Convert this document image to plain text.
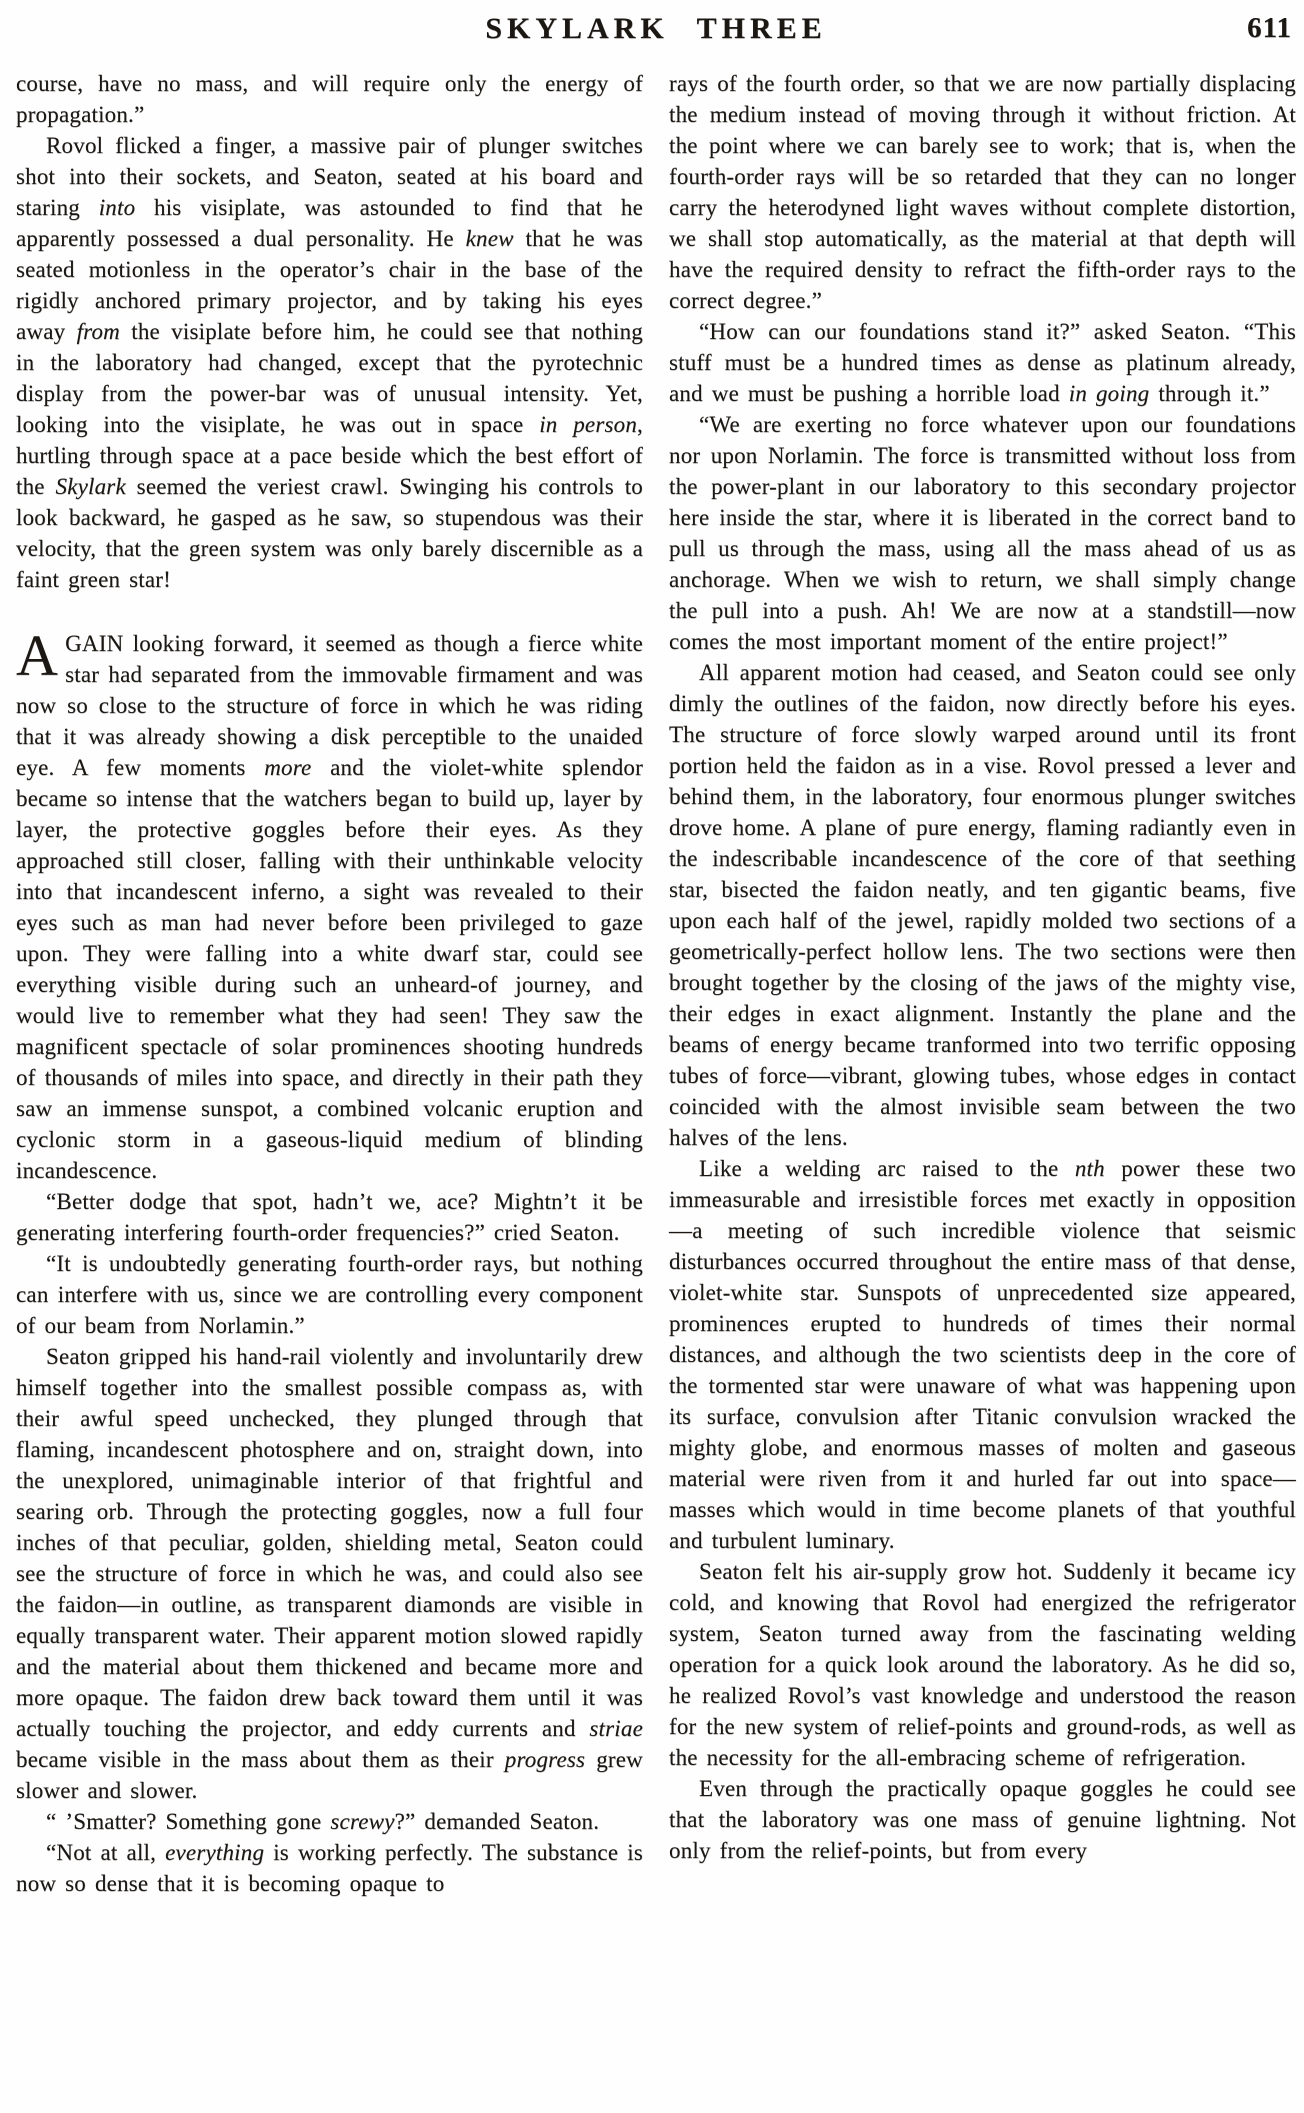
SKYLARK THREE	611

course, have no mass, and will require only the energy of propagation.”

Rovol flicked a finger, a massive pair of plunger switches shot into their sockets, and Seaton, seated at his board and staring into his visiplate, was astounded to find that he apparently possessed a dual personality. He knew that he was seated motionless in the operator’s chair in the base of the rigidly anchored primary projector, and by taking his eyes away from the visiplate before him, he could see that nothing in the laboratory had changed, except that the pyrotechnic display from the power-bar was of unusual intensity. Yet, looking into the visiplate, he was out in space in person, hurtling through space at a pace beside which the best effort of the Skylark seemed the veriest crawl. Swinging his controls to look backward, he gasped as he saw, so stupendous was their velocity, that the green system was only barely discernible as a faint green star!

AGAIN looking forward, it seemed as though a fierce white star had separated from the immovable firmament and was now so close to the structure of force in which he was riding that it was already showing a disk perceptible to the unaided eye. A few moments more and the violet-white splendor became so intense that the watchers began to build up, layer by layer, the protective goggles before their eyes. As they approached still closer, falling with their unthinkable velocity into that incandescent inferno, a sight was revealed to their eyes such as man had never before been privileged to gaze upon. They were falling into a white dwarf star, could see everything visible during such an unheard-of journey, and would live to remember what they had seen! They saw the magnificent spectacle of solar prominences shooting hundreds of thousands of miles into space, and directly in their path they saw an immense sunspot, a combined volcanic eruption and cyclonic storm in a gaseous-liquid medium of blinding incandescence.

“Better dodge that spot, hadn’t we, ace? Mightn’t it be generating interfering fourth-order frequencies?” cried Seaton.

“It is undoubtedly generating fourth-order rays, but nothing can interfere with us, since we are controlling every component of our beam from Norlamin.”

Seaton gripped his hand-rail violently and involuntarily drew himself together into the smallest possible compass as, with their awful speed unchecked, they plunged through that flaming, incandescent photosphere and on, straight down, into the unexplored, unimaginable interior of that frightful and searing orb. Through the protecting goggles, now a full four inches of that peculiar, golden, shielding metal, Seaton could see the structure of force in which he was, and could also see the faidon—in outline, as transparent diamonds are visible in equally transparent water. Their apparent motion slowed rapidly and the material about them thickened and became more and more opaque. The faidon drew back toward them until it was actually touching the projector, and eddy currents and striae became visible in the mass about them as their progress grew slower and slower.

“ ’Smatter? Something gone screwy?” demanded Seaton.

“Not at all, everything is working perfectly. The substance is now so dense that it is becoming opaque to

rays of the fourth order, so that we are now partially displacing the medium instead of moving through it without friction. At the point where we can barely see to work; that is, when the fourth-order rays will be so retarded that they can no longer carry the heterodyned light waves without complete distortion, we shall stop automatically, as the material at that depth will have the required density to refract the fifth-order rays to the correct degree.”

“How can our foundations stand it?” asked Seaton. “This stuff must be a hundred times as dense as platinum already, and we must be pushing a horrible load in going through it.”

“We are exerting no force whatever upon our foundations nor upon Norlamin. The force is transmitted without loss from the power-plant in our laboratory to this secondary projector here inside the star, where it is liberated in the correct band to pull us through the mass, using all the mass ahead of us as anchorage. When we wish to return, we shall simply change the pull into a push. Ah! We are now at a standstill—now comes the most important moment of the entire project!”

All apparent motion had ceased, and Seaton could see only dimly the outlines of the faidon, now directly before his eyes. The structure of force slowly warped around until its front portion held the faidon as in a vise. Rovol pressed a lever and behind them, in the laboratory, four enormous plunger switches drove home. A plane of pure energy, flaming radiantly even in the indescribable incandescence of the core of that seething star, bisected the faidon neatly, and ten gigantic beams, five upon each half of the jewel, rapidly molded two sections of a geometrically-perfect hollow lens. The two sections were then brought together by the closing of the jaws of the mighty vise, their edges in exact alignment. Instantly the plane and the beams of energy became tranformed into two terrific opposing tubes of force—vibrant, glowing tubes, whose edges in contact coincided with the almost invisible seam between the two halves of the lens.

Like a welding arc raised to the nth power these two immeasurable and irresistible forces met exactly in opposition—a meeting of such incredible violence that seismic disturbances occurred throughout the entire mass of that dense, violet-white star. Sunspots of unprecedented size appeared, prominences erupted to hundreds of times their normal distances, and although the two scientists deep in the core of the tormented star were unaware of what was happening upon its surface, convulsion after Titanic convulsion wracked the mighty globe, and enormous masses of molten and gaseous material were riven from it and hurled far out into space—masses which would in time become planets of that youthful and turbulent luminary.

Seaton felt his air-supply grow hot. Suddenly it became icy cold, and knowing that Rovol had energized the refrigerator system, Seaton turned away from the fascinating welding operation for a quick look around the laboratory. As he did so, he realized Rovol’s vast knowledge and understood the reason for the new system of relief-points and ground-rods, as well as the necessity for the all-embracing scheme of refrigeration.

Even through the practically opaque goggles he could see that the laboratory was one mass of genuine lightning. Not only from the relief-points, but from every
